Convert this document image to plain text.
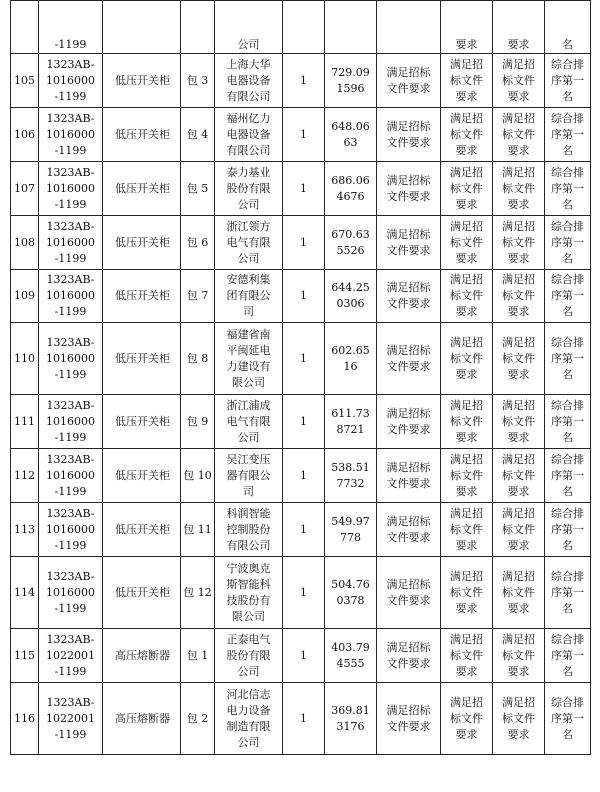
	-1199			公司				要求	要求	名
105	1323AB-
1016000
-1199	低压开关柜	包 3	上海大华
电器设备
有限公司	1	729.09
1596	满足招标
文件要求	满足招
标文件
要求	满足招
标文件
要求	综合排
序第一
名
106	1323AB-
1016000
-1199	低压开关柜	包 4	福州亿力
电器设备
有限公司	1	648.06
63	满足招标
文件要求	满足招
标文件
要求	满足招
标文件
要求	综合排
序第一
名
107	1323AB-
1016000
-1199	低压开关柜	包 5	泰力基业
股份有限
公司	1	686.06
4676	满足招标
文件要求	满足招
标文件
要求	满足招
标文件
要求	综合排
序第一
名
108	1323AB-
1016000
-1199	低压开关柜	包 6	浙江领方
电气有限
公司	1	670.63
5526	满足招标
文件要求	满足招
标文件
要求	满足招
标文件
要求	综合排
序第一
名
109	1323AB-
1016000
-1199	低压开关柜	包 7	安德利集
团有限公
司	1	644.25
0306	满足招标
文件要求	满足招
标文件
要求	满足招
标文件
要求	综合排
序第一
名
110	1323AB-
1016000
-1199	低压开关柜	包 8	福建省南
平闽延电
力建设有
限公司	1	602.65
16	满足招标
文件要求	满足招
标文件
要求	满足招
标文件
要求	综合排
序第一
名
111	1323AB-
1016000
-1199	低压开关柜	包 9	浙江浦成
电气有限
公司	1	611.73
8721	满足招标
文件要求	满足招
标文件
要求	满足招
标文件
要求	综合排
序第一
名
112	1323AB-
1016000
-1199	低压开关柜	包 10	吴江变压
器有限公
司	1	538.51
7732	满足招标
文件要求	满足招
标文件
要求	满足招
标文件
要求	综合排
序第一
名
113	1323AB-
1016000
-1199	低压开关柜	包 11	科润智能
控制股份
有限公司	1	549.97
778	满足招标
文件要求	满足招
标文件
要求	满足招
标文件
要求	综合排
序第一
名
114	1323AB-
1016000
-1199	低压开关柜	包 12	宁波奥克
斯智能科
技股份有
限公司	1	504.76
0378	满足招标
文件要求	满足招
标文件
要求	满足招
标文件
要求	综合排
序第一
名
115	1323AB-
1022001
-1199	高压熔断器	包 1	正泰电气
股份有限
公司	1	403.79
4555	满足招标
文件要求	满足招
标文件
要求	满足招
标文件
要求	综合排
序第一
名
116	1323AB-
1022001
-1199	高压熔断器	包 2	河北信志
电力设备
制造有限
公司	1	369.81
3176	满足招标
文件要求	满足招
标文件
要求	满足招
标文件
要求	综合排
序第一
名
